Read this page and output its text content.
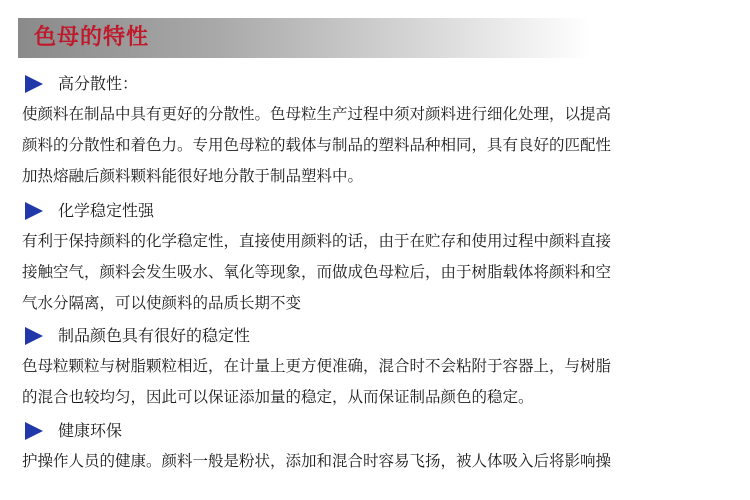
色母的特性
高分散性：
使颜料在制品中具有更好的分散性。色母粒生产过程中须对颜料进行细化处理，以提高
颜料的分散性和着色力。专用色母粒的载体与制品的塑料品种相同，具有良好的匹配性
加热熔融后颜料颗料能很好地分散于制品塑料中。
化学稳定性强
有利于保持颜料的化学稳定性，直接使用颜料的话，由于在贮存和使用过程中颜料直接
接触空气，颜料会发生吸水、氧化等现象，而做成色母粒后，由于树脂载体将颜料和空
气水分隔离，可以使颜料的品质长期不变
制品颜色具有很好的稳定性
色母粒颗粒与树脂颗粒相近，在计量上更方便准确，混合时不会粘附于容器上，与树脂
的混合也较均匀，因此可以保证添加量的稳定，从而保证制品颜色的稳定。
健康环保
护操作人员的健康。颜料一般是粉状，添加和混合时容易飞扬，被人体吸入后将影响操
